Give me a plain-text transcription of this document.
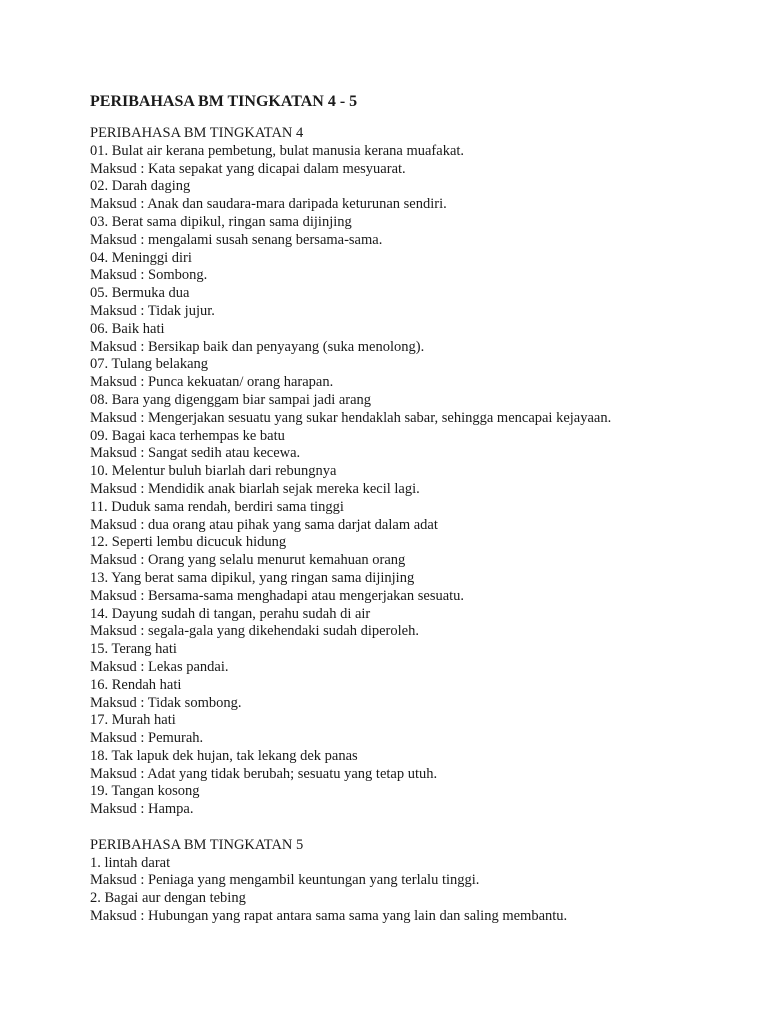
PERIBAHASA BM TINGKATAN 4 - 5
PERIBAHASA BM TINGKATAN 4
01. Bulat air kerana pembetung, bulat manusia kerana muafakat.
Maksud : Kata sepakat yang dicapai dalam mesyuarat.
02. Darah daging
Maksud : Anak dan saudara-mara daripada keturunan sendiri.
03. Berat sama dipikul, ringan sama dijinjing
Maksud : mengalami susah senang bersama-sama.
04. Meninggi diri
Maksud : Sombong.
05. Bermuka dua
Maksud : Tidak jujur.
06. Baik hati
Maksud : Bersikap baik dan penyayang (suka menolong).
07. Tulang belakang
Maksud : Punca kekuatan/ orang harapan.
08. Bara yang digenggam biar sampai jadi arang
Maksud : Mengerjakan sesuatu yang sukar hendaklah sabar, sehingga mencapai kejayaan.
09. Bagai kaca terhempas ke batu
Maksud : Sangat sedih atau kecewa.
10. Melentur buluh biarlah dari rebungnya
Maksud : Mendidik anak biarlah sejak mereka kecil lagi.
11. Duduk sama rendah, berdiri sama tinggi
Maksud : dua orang atau pihak yang sama darjat dalam adat
12. Seperti lembu dicucuk hidung
Maksud : Orang yang selalu menurut kemahuan orang
13. Yang berat sama dipikul, yang ringan sama dijinjing
Maksud : Bersama-sama menghadapi atau mengerjakan sesuatu.
14. Dayung sudah di tangan, perahu sudah di air
Maksud : segala-gala yang dikehendaki sudah diperoleh.
15. Terang hati
Maksud : Lekas pandai.
16. Rendah hati
Maksud : Tidak sombong.
17. Murah hati
Maksud : Pemurah.
18. Tak lapuk dek hujan, tak lekang dek panas
Maksud : Adat yang tidak berubah; sesuatu yang tetap utuh.
19. Tangan kosong
Maksud : Hampa.
PERIBAHASA BM TINGKATAN 5
1. lintah darat
Maksud : Peniaga yang mengambil keuntungan yang terlalu tinggi.
2. Bagai aur dengan tebing
Maksud : Hubungan yang rapat antara sama sama yang lain dan saling membantu.
